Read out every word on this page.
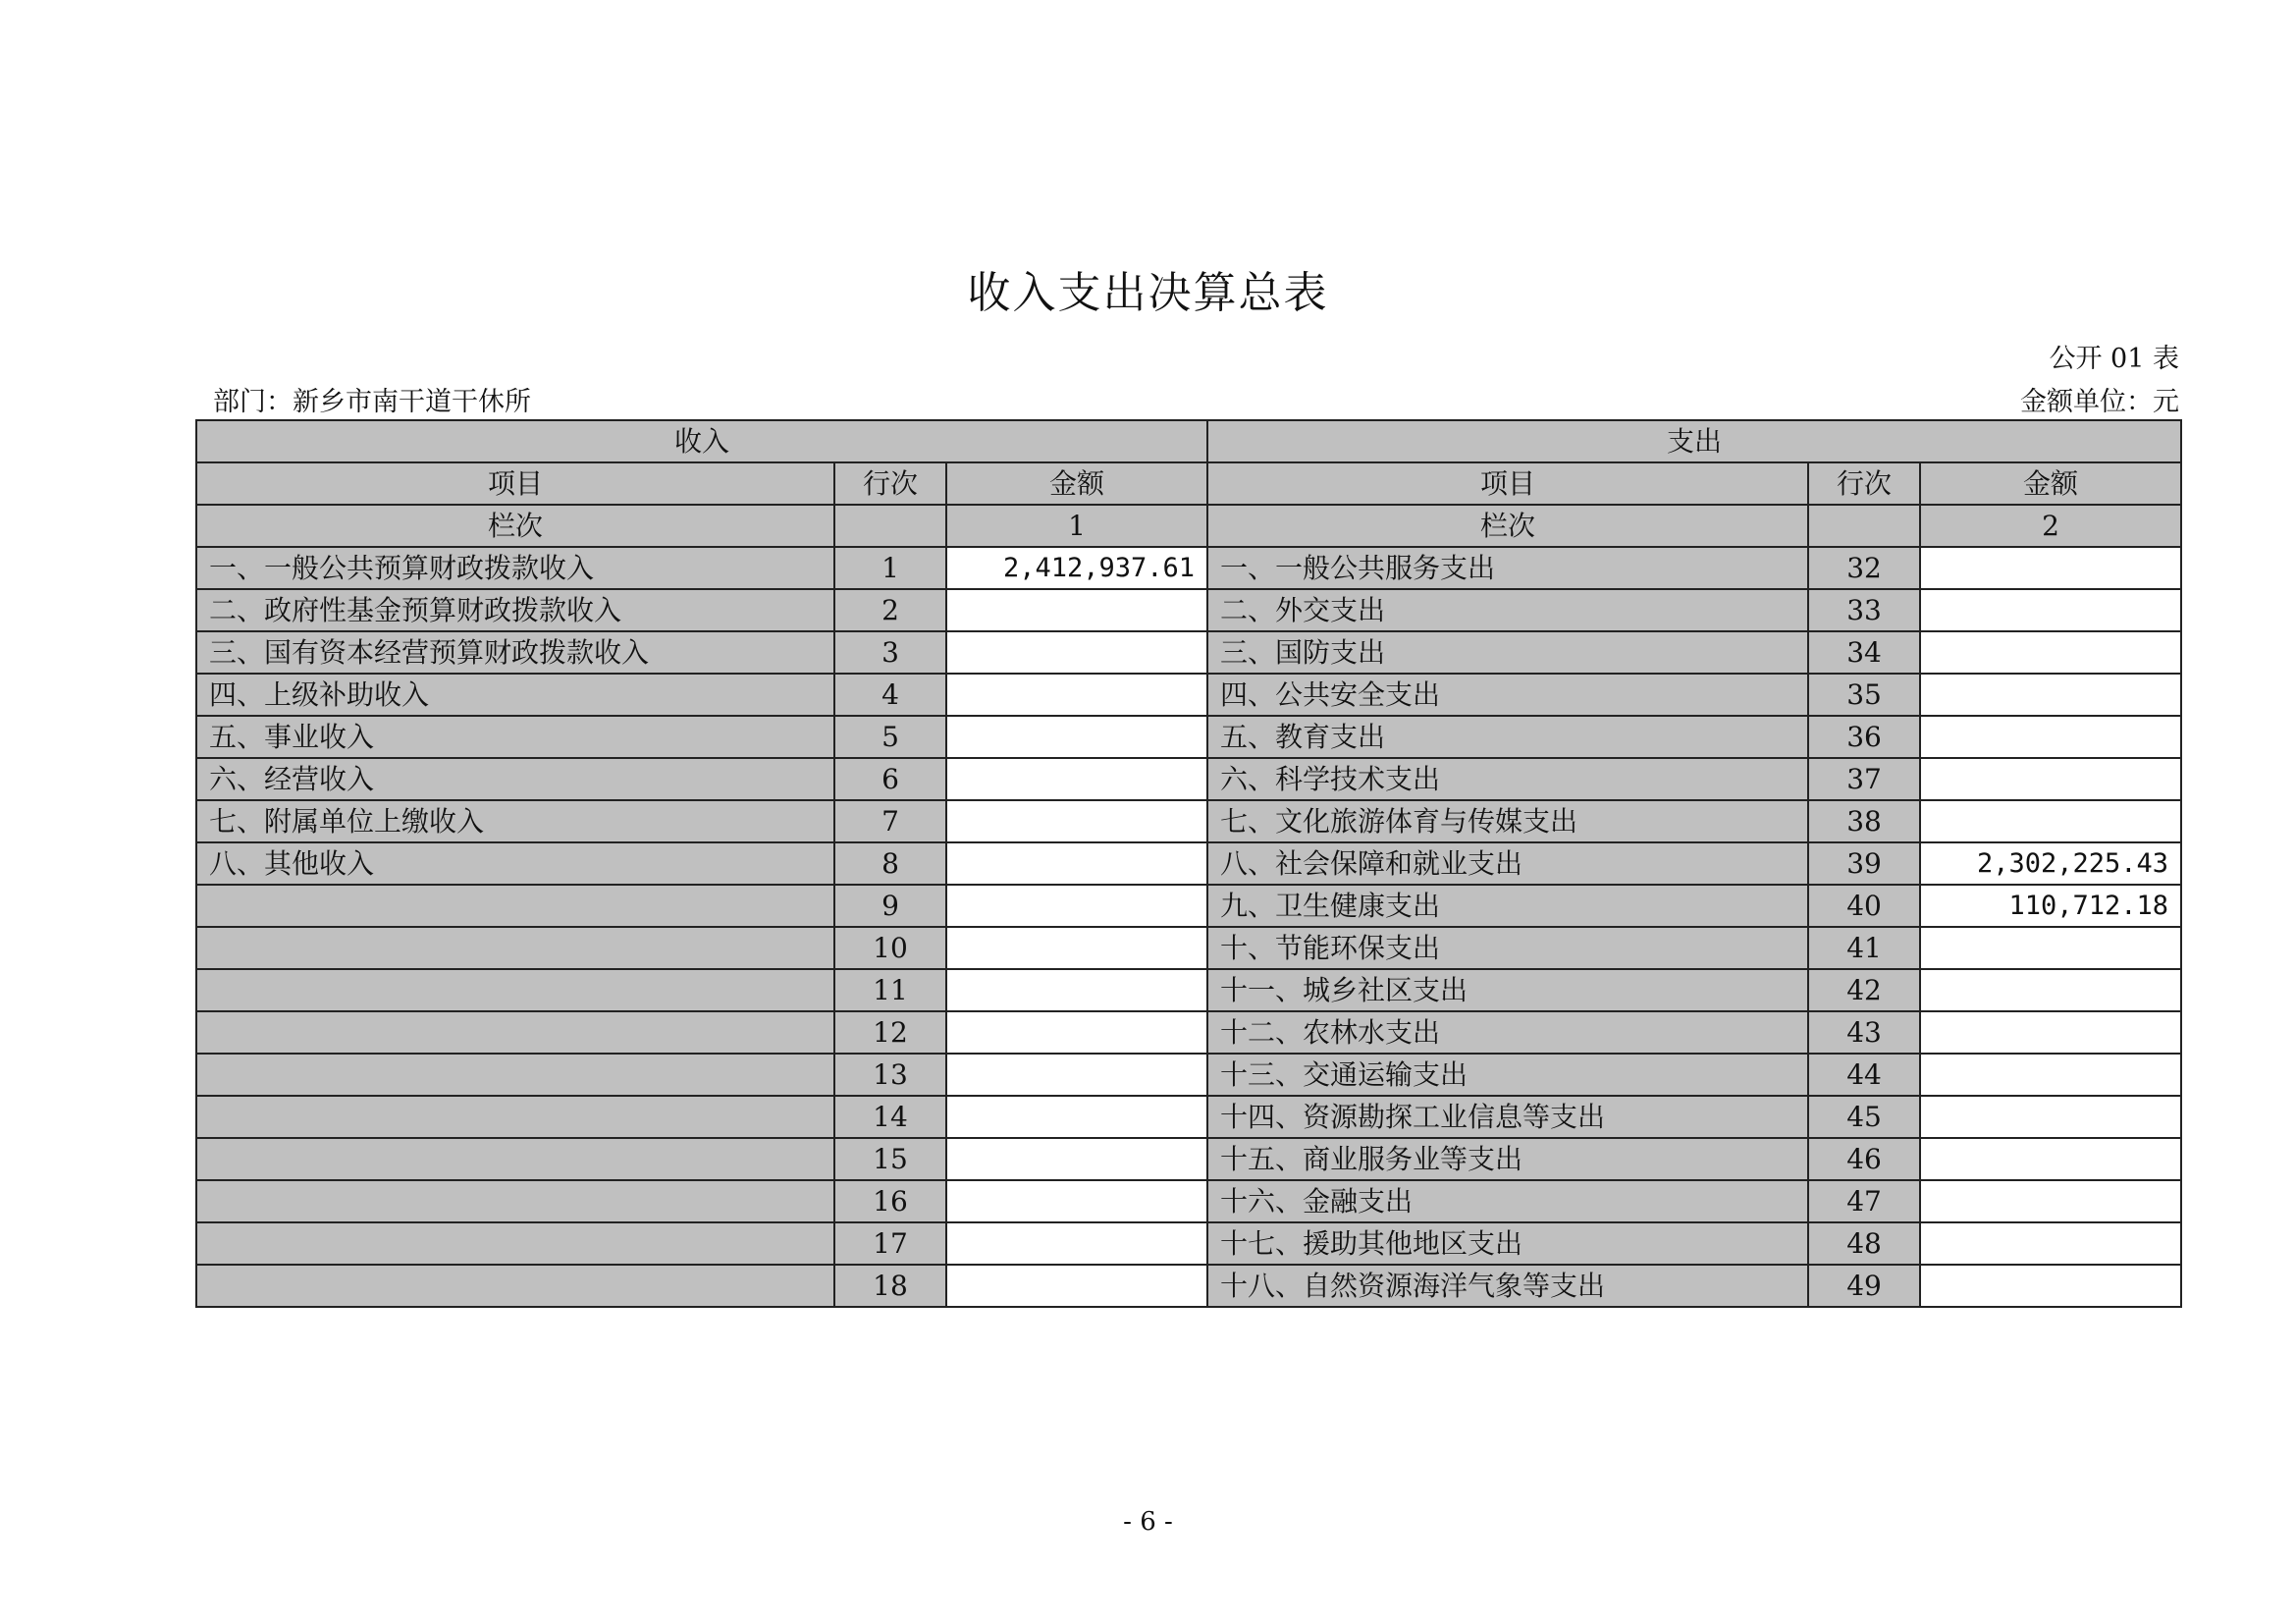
收入支出决算总表
公开 01 表
部门：新乡市南干道干休所	金额单位：元
收入			支出		
项目	行次	金额	项目	行次	金额
栏次		1	栏次		2
一、一般公共预算财政拨款收入	1	2,412,937.61	一、一般公共服务支出	32	
二、政府性基金预算财政拨款收入	2		二、外交支出	33	
三、国有资本经营预算财政拨款收入	3		三、国防支出	34	
四、上级补助收入	4		四、公共安全支出	35	
五、事业收入	5		五、教育支出	36	
六、经营收入	6		六、科学技术支出	37	
七、附属单位上缴收入	7		七、文化旅游体育与传媒支出	38	
八、其他收入	8		八、社会保障和就业支出	39	2,302,225.43
	9		九、卫生健康支出	40	110,712.18
	10		十、节能环保支出	41	
	11		十一、城乡社区支出	42	
	12		十二、农林水支出	43	
	13		十三、交通运输支出	44	
	14		十四、资源勘探工业信息等支出	45	
	15		十五、商业服务业等支出	46	
	16		十六、金融支出	47	
	17		十七、援助其他地区支出	48	
	18		十八、自然资源海洋气象等支出	49	
- 6 -
